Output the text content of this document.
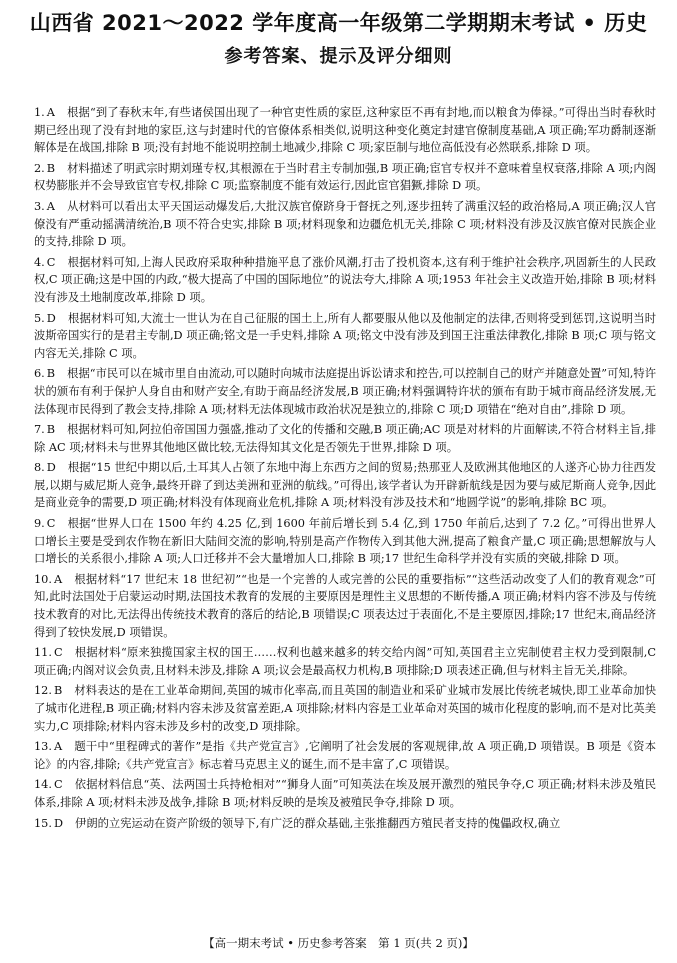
山西省 2021～2022 学年度高一年级第二学期期末考试 • 历史
参考答案、提示及评分细则
1. A 根据“到了春秋末年,有些诸侯国出现了一种官吏性质的家臣,这种家臣不再有封地,而以粮食为俸禄。”可得出当时春秋时期已经出现了没有封地的家臣,这与封建时代的官僚体系相类似,说明这种变化奠定封建官僚制度基础,A 项正确;军功爵制逐渐解体是在战国,排除 B 项;没有封地不能说明控制土地减少,排除 C 项;家臣制与地位高低没有必然联系,排除 D 项。
2. B 材料描述了明武宗时期刘瑾专权,其根源在于当时君主专制加强,B 项正确;宦官专权并不意味着皇权衰落,排除 A 项;内阁权势膨胀并不会导致宦官专权,排除 C 项;监察制度不能有效运行,因此宦官猖獗,排除 D 项。
3. A 从材料可以看出太平天国运动爆发后,大批汉族官僚跻身于督抚之列,逐步扭转了满重汉轻的政治格局,A 项正确;汉人官僚没有严重动摇满清统治,B 项不符合史实,排除 B 项;材料现象和边疆危机无关,排除 C 项;材料没有涉及汉族官僚对民族企业的支持,排除 D 项。
4. C 根据材料可知,上海人民政府采取种种措施平息了涨价风潮,打击了投机资本,这有利于维护社会秩序,巩固新生的人民政权,C 项正确;这是中国的内政,“极大提高了中国的国际地位”的说法夸大,排除 A 项;1953 年社会主义改造开始,排除 B 项;材料没有涉及土地制度改革,排除 D 项。
5. D 根据材料可知,大流士一世认为在自己征服的国土上,所有人都要服从他以及他制定的法律,否则将受到惩罚,这说明当时波斯帝国实行的是君主专制,D 项正确;铭文是一手史料,排除 A 项;铭文中没有涉及到国王注重法律教化,排除 B 项;C 项与铭文内容无关,排除 C 项。
6. B 根据“市民可以在城市里自由流动,可以随时向城市法庭提出诉讼请求和控告,可以控制自己的财产并随意处置”可知,特许状的颁布有利于保护人身自由和财产安全,有助于商品经济发展,B 项正确;材料强调特许状的颁布有助于城市商品经济发展,无法体现市民得到了教会支持,排除 A 项;材料无法体现城市政治状况是独立的,排除 C 项;D 项错在“绝对自由”,排除 D 项。
7. B 根据材料可知,阿拉伯帝国国力强盛,推动了文化的传播和交融,B 项正确;AC 项是对材料的片面解读,不符合材料主旨,排除 AC 项;材料未与世界其他地区做比较,无法得知其文化是否领先于世界,排除 D 项。
8. D 根据“15 世纪中期以后,土耳其人占领了东地中海上东西方之间的贸易;热那亚人及欧洲其他地区的人遂齐心协力往西发展,以期与威尼斯人竞争,最终开辟了到达美洲和亚洲的航线。”可得出,该学者认为开辟新航线是因为要与威尼斯商人竞争,因此是商业竞争的需要,D 项正确;材料没有体现商业危机,排除 A 项;材料没有涉及技术和“地圆学说”的影响,排除 BC 项。
9. C 根据“世界人口在 1500 年约 4.25 亿,到 1600 年前后增长到 5.4 亿,到 1750 年前后,达到了 7.2 亿。”可得出世界人口增长主要是受到农作物在新旧大陆间交流的影响,特别是高产作物传入到其他大洲,提高了粮食产量,C 项正确;思想解放与人口增长的关系很小,排除 A 项;人口迁移并不会大量增加人口,排除 B 项;17 世纪生命科学并没有实质的突破,排除 D 项。
10. A 根据材料“17 世纪末 18 世纪初”“也是一个完善的人或完善的公民的重要指标”“这些活动改变了人们的教育观念”可知,此时法国处于启蒙运动时期,法国技术教育的发展的主要原因是理性主义思想的不断传播,A 项正确;材料内容不涉及与传统技术教育的对比,无法得出传统技术教育的落后的结论,B 项错误;C 项表达过于表面化,不是主要原因,排除;17 世纪末,商品经济得到了较快发展,D 项错误。
11. C 根据材料“原来独揽国家主权的国王……权利也越来越多的转交给内阁”可知,英国君主立宪制使君主权力受到限制,C 项正确;内阁对议会负责,且材料未涉及,排除 A 项;议会是最高权力机构,B 项排除;D 项表述正确,但与材料主旨无关,排除。
12. B 材料表达的是在工业革命期间,英国的城市化率高,而且英国的制造业和采矿业城市发展比传统老城快,即工业革命加快了城市化进程,B 项正确;材料内容未涉及贫富差距,A 项排除;材料内容是工业革命对英国的城市化程度的影响,而不是对比英美实力,C 项排除;材料内容未涉及乡村的改变,D 项排除。
13. A 题干中“里程碑式的著作”是指《共产党宣言》,它阐明了社会发展的客观规律,故 A 项正确,D 项错误。B 项是《资本论》的内容,排除;《共产党宣言》标志着马克思主义的诞生,而不是丰富了,C 项错误。
14. C 依据材料信息“英、法两国士兵持枪相对”“狮身人面”可知英法在埃及展开激烈的殖民争夺,C 项正确;材料未涉及殖民体系,排除 A 项;材料未涉及战争,排除 B 项;材料反映的是埃及被殖民争夺,排除 D 项。
15. D 伊朗的立宪运动在资产阶级的领导下,有广泛的群众基础,主张推翻西方殖民者支持的傀儡政权,确立
【高一期末考试 • 历史参考答案　第 1 页(共 2 页)】
